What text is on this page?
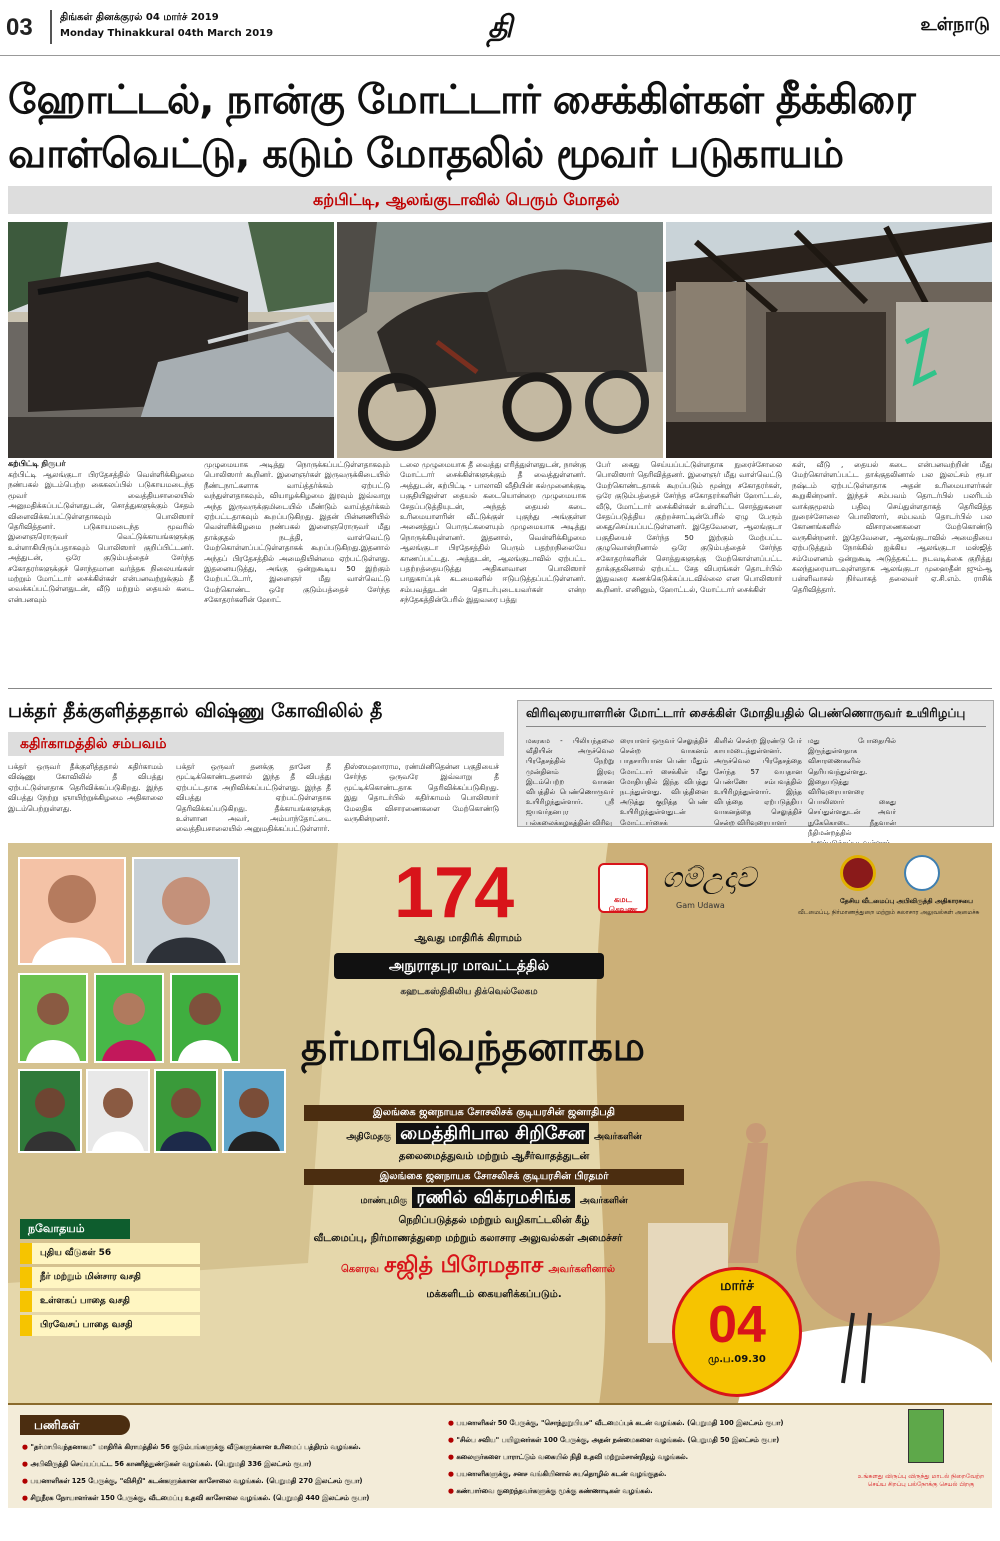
03	திங்கள் தினக்குரல் 04 மார்ச் 2019
Monday Thinakkural 04th March 2019	தி	உள்நாடு
ஹோட்டல், நான்கு மோட்டார் சைக்கிள்கள் தீக்கிரை
வாள்வெட்டு, கடும் மோதலில் மூவர் படுகாயம்
கற்பிட்டி, ஆலங்குடாவில் பெரும் மோதல்
கற்பிட்டி நிருபர்
கற்பிட்டி ஆலங்குடா பிரதேசத்தில் வெள்ளிக்கிழமை நண்பகல் இடம்பெற்ற கைகலப்பில் படுகாயமடைந்த மூவர் வைத்தியசாலையில் அனுமதிக்கப்பட்டுள்ளதுடன், சொத்துகளுக்கும் சேதம் விளைவிக்கப்பட்டுள்ளதாகவும் பொலிஸார் தெரிவித்தனர். படுகாயமடைந்த மூவரில் இளைஞரொருவர் வெட்டுக்காயங்களுக்கு உள்ளாகியிருப்பதாகவும் பொலிஸார் குறிப்பிட்டனர். அத்துடன், ஒரே குடும்பத்தைச் சேர்ந்த சகோதரர்களுக்குச் சொந்தமான வர்த்தக நிலையங்கள் மற்றும் மோட்டார் சைக்கிள்கள் என்பனவற்றுக்கும் தீ வைக்கப்பட்டுள்ளதுடன், வீடு மற்றும் தையல் கடை என்பனவும்
முழுமையாக அடித்து நொருக்கப்பட்டுள்ளதாகவும் பொலிஸார் கூறினர். இளைஞர்கள் இருவருக்கிடையில் நீண்டநாட்களாக வாய்த்தர்க்கம் ஏற்பட்டு வந்துள்ளதாகவும், வியாழக்கிழமை இரவும் இவ்வாறு அந்த இருவருக்குமிடையில் மீண்டும் வாய்த்தர்க்கம் ஏற்பட்டதாகவும் கூறப்படுகிறது. இதன் பின்னணியில் வெள்ளிக்கிழமை நண்பகல் இளைஞரொருவர் மீது தாக்குதல் நடத்தி, வாள்வெட்டு மேற்கொள்ளப்பட்டுள்ளதாகக் கூறப்படுகிறது.இதனால் அந்தப் பிரதேசத்தில் அமைதியின்மை ஏற்பட்டுள்ளது. இதனையடுத்து, அங்கு ஒன்றுகூடிய 50 இற்கும் மேற்பட்டோர், இளைஞர் மீது வாள்வெட்டு மேற்கொண்ட ஒரே குடும்பத்தைச் சேர்ந்த சகோதரர்களின் ஹோட்
டலை முழுமையாக தீ வைத்து எரித்துள்ளதுடன், நான்கு மோட்டார் சைக்கிள்களுக்கும் தீ வைத்துள்ளனர். அத்துடன், கற்பிட்டி - பாலாவி வீதியின் கல்முனைக்குடி பகுதியிலுள்ள தையல் கடையொன்றை முழுமையாக சேதப்படுத்தியுடன், அந்தத் தையல் கடை உரிமையாளரின் வீட்டுக்குள் புகுந்து அங்குள்ள அனைத்துப் பொருட்களையும் முழுமையாக அடித்து நொருக்கியுள்ளனர். இதனால், வெள்ளிக்கிழமை ஆலங்குடா பிரதேசத்தில் பெரும் பதற்றநிலையே காணப்பட்டது. அத்துடன், ஆலங்குடாவில் ஏற்பட்ட பதற்றத்தையடுத்து அதிகளவான பொலிஸார் பாதுகாப்புக் கடமைகளில் ஈடுபடுத்தப்பட்டுள்ளனர். சம்பவத்துடன் தொடர்புடையவர்கள் என்ற சந்தேகத்தின்பேரில் இதுவரை பத்து
பேர் கைது செய்யப்பட்டுள்ளதாக நுரைச்சோலை பொலிஸார் தெரிவித்தனர். இளைஞர் மீது வாள்வெட்டு மேற்கொண்டதாகக் கூறப்படும் மூன்று சகோதரர்கள், ஒரே குடும்பத்தைச் சேர்ந்த சகோதரர்களின் ஹோட்டல், வீடு, மோட்டார் சைக்கிள்கள் உள்ளிட்ட சொத்துகளை சேதப்படுத்திய குற்றச்சாட்டின்பேரில் ஏழு பேரும் கைதுசெய்யப்பட்டுள்ளனர். இதேவேளை, ஆலங்குடா பகுதியைச் சேர்ந்த 50 இற்கும் மேற்பட்ட குழுவொன்றினால் ஒரே குடும்பத்தைச் சேர்ந்த சகோதரர்களின் சொத்துகளுக்கு மேற்கொள்ளப்பட்ட தாக்குதலினால் ஏற்பட்ட சேத விபரங்கள் தொடர்பில் இதுவரை கணக்கெடுக்கப்படவில்லை என பொலிஸார் கூறினர். எனினும், ஹோட்டல், மோட்டார் சைக்கிள்
கள், வீடு , தையல் கடை என்பனவற்றின் மீது மேற்கொள்ளப்பட்ட தாக்குதலினால் பல இலட்சம் ரூபா நஷ்டம் ஏற்பட்டுள்ளதாக அதன் உரிமையாளர்கள் கூறுகின்றனர். இந்தச் சம்பவம் தொடர்பில் பலரிடம் வாக்குமூலம் பதிவு செய்துள்ளதாகத் தெரிவித்த நுரைச்சோலை பொலிஸார், சம்பவம் தொடர்பில் பல கோணங்களில் விசாரணைகளை மேற்கொண்டு வருகின்றனர். இதேவேளை, ஆலங்குடாவில் அமைதியை ஏற்படுத்தும் நோக்கில் ஐக்கிய ஆலங்குடா மஸ்ஜித் சம்மேளனம் ஒன்றுகூடி அடுத்தகட்ட நடவடிக்கை குறித்து கலந்துரையாடவுள்ளதாக ஆலங்குடா முஹைதீன் ஜும்ஆ பள்ளிவாசல் நிர்வாகத் தலைவர் ஏ.சி.எம். ராசிக் தெரிவித்தார்.
பக்தர் தீக்குளித்ததால் விஷ்ணு கோவிலில் தீ
கதிர்காமத்தில் சம்பவம்
பக்தர் ஒருவர் தீக்குளித்ததால் கதிர்காமம் விஷ்ணு கோவிலில் தீ விபத்து ஏற்பட்டுள்ளதாக தெரிவிக்கப்படுகிறது. இந்த விபத்து நேற்று ஞாயிற்றுக்கிழமை அதிகாலை இடம்பெற்றுள்ளது.
பக்தர் ஒருவர் தனக்கு தானே தீ மூட்டிக்கொண்டதனால் இந்த தீ விபத்து ஏற்பட்டதாக அறிவிக்கப்பட்டுள்ளது. இந்த தீ விபத்து ஏற்பட்டுள்ளதாக தெரிவிக்கப்படுகிறது. தீக்காயங்களுக்கு உள்ளான அவர், அம்பாந்தோட்டை வைத்தியசாலையில் அனுமதிக்கப்பட்டுள்ளார்.
திஸ்ஸமஹாராம, ரண்மினிதென்ன பகுதியைச் சேர்ந்த ஒருவரே இவ்வாறு தீ மூட்டிக்கொண்டதாக தெரிவிக்கப்படுகிறது. இது தொடர்பில் கதிர்காமம் பொலிஸார் மேலதிக விசாரணைகளை மேற்கொண்டு வருகின்றனர்.
விரிவுரையாளரின் மோட்டார் சைக்கிள் மோதியதில் பெண்ணொருவர் உயிரிழப்பு
மகரகம - பிலியந்தலை வீதியின் அருச்வெல பிரதேசத்தில் நேற்று முன்தினம் இரவு இடம்பெற்ற வாகன விபத்தில் பெண்ணொருவர் உயிரிழந்துள்ளார். ஸ்ரீ ஜயவர்தனபுர பல்கலைக்கழகத்தின் விரிவு
ரையாளர் ஒருவர் செலுத்திச் சென்ற வாகனம் பாதசாரியான பெண் மீதும் மோட்டார் சைக்கிள் மீது மோதியதில் இந்த விபத்து நடந்துள்ளது. விபத்தினை அடுத்து குறித்த பெண் உயிரிழந்துள்ளதுடன் மோட்டார்சைக்
கிளில் சென்ற இரண்டு பேர் காயமடைந்துள்ளனர். அருச்வெல பிரதேசத்தை சேர்ந்த 57 வயதான பெண்ணே சம்பவத்தில் உயிரிழந்துள்ளார். இந்த விபத்தை ஏற்படுத்திய வாகனத்தை செலுத்திச் சென்ற விரிவுரையாளர்
மது போதையில் இருந்துள்ளதாக விசாரணைகளில் தெரியவந்துள்ளது. இதையடுத்து விரிவுரையாளரை பொலிஸார் கைது செய்துள்ளதுடன் அவர் நுகேகொடை நீதவான் நீதிமன்றத்தில்
174
ஆவது மாதிரிக் கிராமம்
அநுராதபுர மாவட்டத்தில்
கஹடகஸ்திகிலிய திக்வெல்லேகம
தர்மாபிவந்தனாகம
கமட செவண
ගම්උදාව
Gam Udawa	தேசிய வீடமைப்பு அபிவிருத்தி அதிகாரசபை
வீடமைப்பு, நிர்மாணத்துறை மற்றும் கலாசார அலுவல்கள் அமைச்சு
இலங்கை ஜனநாயக சோசலிசக் குடியரசின் ஜனாதிபதி
அதிமேதகு மைத்திரிபால சிறிசேன அவர்களின்
தலைமைத்துவம் மற்றும் ஆசீர்வாதத்துடன்
இலங்கை ஜனநாயக சோசலிசக் குடியரசின் பிரதமர்
மாண்புமிகு ரணில் விக்ரமசிங்க அவர்களின்
நெறிப்படுத்தல் மற்றும் வழிகாட்டலின் கீழ்
வீடமைப்பு, நிர்மாணத்துறை மற்றும் கலாசார அலுவல்கள் அமைச்சர்
கௌரவ சஜித் பிரேமதாச அவர்களினால்
மக்களிடம் கையளிக்கப்படும்.
மார்ச்
04
மு.ப.09.30
நவோதயம்
புதிய வீடுகள் 56
நீர் மற்றும் மின்சார வசதி
உள்ளகப் பாதை வசதி
பிரவேசப் பாதை வசதி
பணிகள்
● "தர்மாபிவந்தனாகம" மாதிரிக் கிராமத்தில் 56 குடும்பங்களுக்கு வீடுகளுக்கான உரிமைப் பத்திரம் வழங்கல்.
● அபிவிருத்தி செய்யப்பட்ட 56 காணித்துண்டுகள் வழங்கல். (பெறுமதி 336 இலட்சம் ரூபா)
● பயனாளிகள் 125 பேருக்கு, "விசிறி" கடன்களுக்கான காசோலை வழங்கல். (பெறுமதி 270 இலட்சம் ரூபா)
● சிறுநீரக நோயாளர்கள் 150 பேருக்கு, வீடமைப்பு உதவி காசோலை வழங்கல். (பெறுமதி 440 இலட்சம் ரூபா)
● பயனாளிகள் 50 பேருக்கு, "சொந்துறுபியச" வீடமைப்புக் கடன் வழங்கல். (பெறுமதி 100 இலட்சம் ரூபா)
● "சில்ப சவிய" பயிலுனர்கள் 100 பேருக்கு, அதன் நன்மைகளை வழங்கல். (பெறுமதி 50 இலட்சம் ரூபா)
● கலைஞர்களை பாராட்டும் வகையில் நிதி உதவி மற்றும்சான்றிதழ் வழங்கல்.
● பயனாளிகளுக்கு, சனச வங்கியினால் சுயதொழில் கடன் வழங்குதல்.
● கண்பார்வை குறைந்தவர்களுக்கு மூக்கு கண்ணாடிகள் வழங்கல்.
உங்களது விருப்பு விருந்து மாடல் நிறைவேற்ற செய்ய சிறப்பு பல்நோக்கு செயல் பிறகு
